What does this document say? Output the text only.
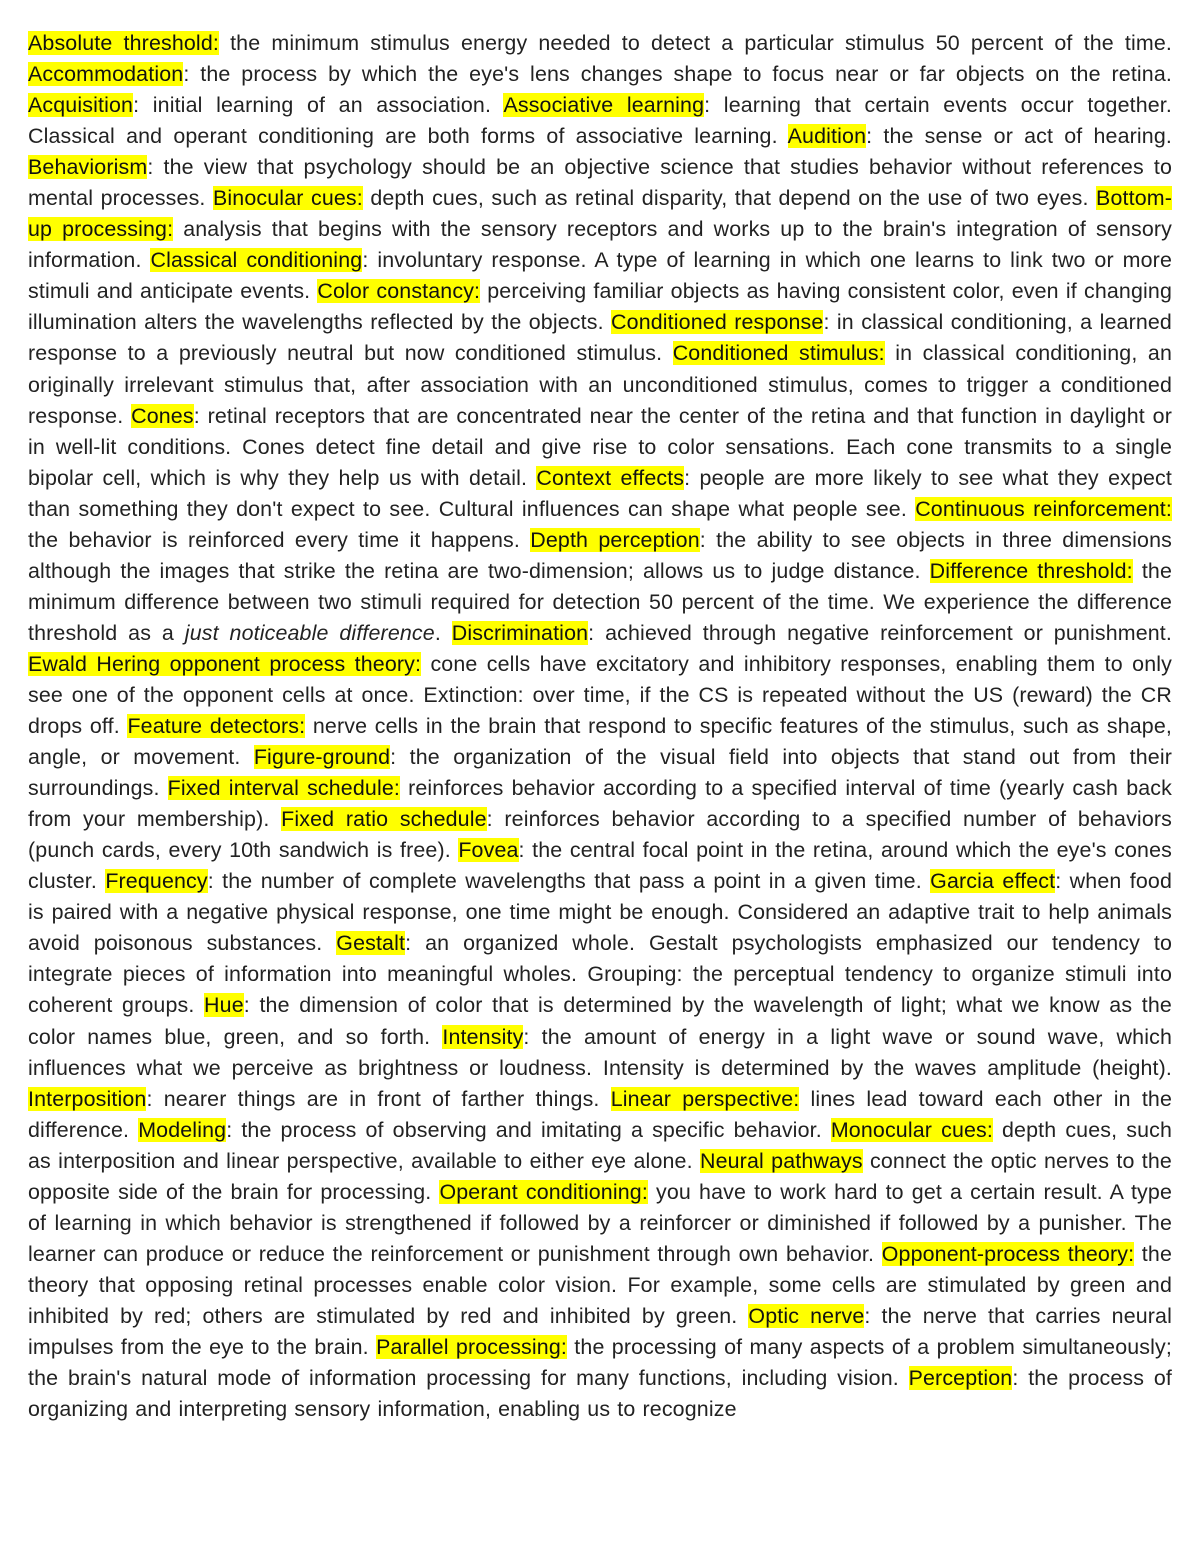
Absolute threshold: the minimum stimulus energy needed to detect a particular stimulus 50 percent of the time. Accommodation: the process by which the eye's lens changes shape to focus near or far objects on the retina. Acquisition: initial learning of an association. Associative learning: learning that certain events occur together. Classical and operant conditioning are both forms of associative learning. Audition: the sense or act of hearing. Behaviorism: the view that psychology should be an objective science that studies behavior without references to mental processes. Binocular cues: depth cues, such as retinal disparity, that depend on the use of two eyes. Bottom-up processing: analysis that begins with the sensory receptors and works up to the brain's integration of sensory information. Classical conditioning: involuntary response. A type of learning in which one learns to link two or more stimuli and anticipate events. Color constancy: perceiving familiar objects as having consistent color, even if changing illumination alters the wavelengths reflected by the objects. Conditioned response: in classical conditioning, a learned response to a previously neutral but now conditioned stimulus. Conditioned stimulus: in classical conditioning, an originally irrelevant stimulus that, after association with an unconditioned stimulus, comes to trigger a conditioned response. Cones: retinal receptors that are concentrated near the center of the retina and that function in daylight or in well-lit conditions. Cones detect fine detail and give rise to color sensations. Each cone transmits to a single bipolar cell, which is why they help us with detail. Context effects: people are more likely to see what they expect than something they don't expect to see. Cultural influences can shape what people see. Continuous reinforcement: the behavior is reinforced every time it happens. Depth perception: the ability to see objects in three dimensions although the images that strike the retina are two-dimension; allows us to judge distance. Difference threshold: the minimum difference between two stimuli required for detection 50 percent of the time. We experience the difference threshold as a just noticeable difference. Discrimination: achieved through negative reinforcement or punishment. Ewald Hering opponent process theory: cone cells have excitatory and inhibitory responses, enabling them to only see one of the opponent cells at once. Extinction: over time, if the CS is repeated without the US (reward) the CR drops off. Feature detectors: nerve cells in the brain that respond to specific features of the stimulus, such as shape, angle, or movement. Figure-ground: the organization of the visual field into objects that stand out from their surroundings. Fixed interval schedule: reinforces behavior according to a specified interval of time (yearly cash back from your membership). Fixed ratio schedule: reinforces behavior according to a specified number of behaviors (punch cards, every 10th sandwich is free). Fovea: the central focal point in the retina, around which the eye's cones cluster. Frequency: the number of complete wavelengths that pass a point in a given time. Garcia effect: when food is paired with a negative physical response, one time might be enough. Considered an adaptive trait to help animals avoid poisonous substances. Gestalt: an organized whole. Gestalt psychologists emphasized our tendency to integrate pieces of information into meaningful wholes. Grouping: the perceptual tendency to organize stimuli into coherent groups. Hue: the dimension of color that is determined by the wavelength of light; what we know as the color names blue, green, and so forth. Intensity: the amount of energy in a light wave or sound wave, which influences what we perceive as brightness or loudness. Intensity is determined by the waves amplitude (height). Interposition: nearer things are in front of farther things. Linear perspective: lines lead toward each other in the difference. Modeling: the process of observing and imitating a specific behavior. Monocular cues: depth cues, such as interposition and linear perspective, available to either eye alone. Neural pathways connect the optic nerves to the opposite side of the brain for processing. Operant conditioning: you have to work hard to get a certain result. A type of learning in which behavior is strengthened if followed by a reinforcer or diminished if followed by a punisher. The learner can produce or reduce the reinforcement or punishment through own behavior. Opponent-process theory: the theory that opposing retinal processes enable color vision. For example, some cells are stimulated by green and inhibited by red; others are stimulated by red and inhibited by green. Optic nerve: the nerve that carries neural impulses from the eye to the brain. Parallel processing: the processing of many aspects of a problem simultaneously; the brain's natural mode of information processing for many functions, including vision. Perception: the process of organizing and interpreting sensory information, enabling us to recognize
